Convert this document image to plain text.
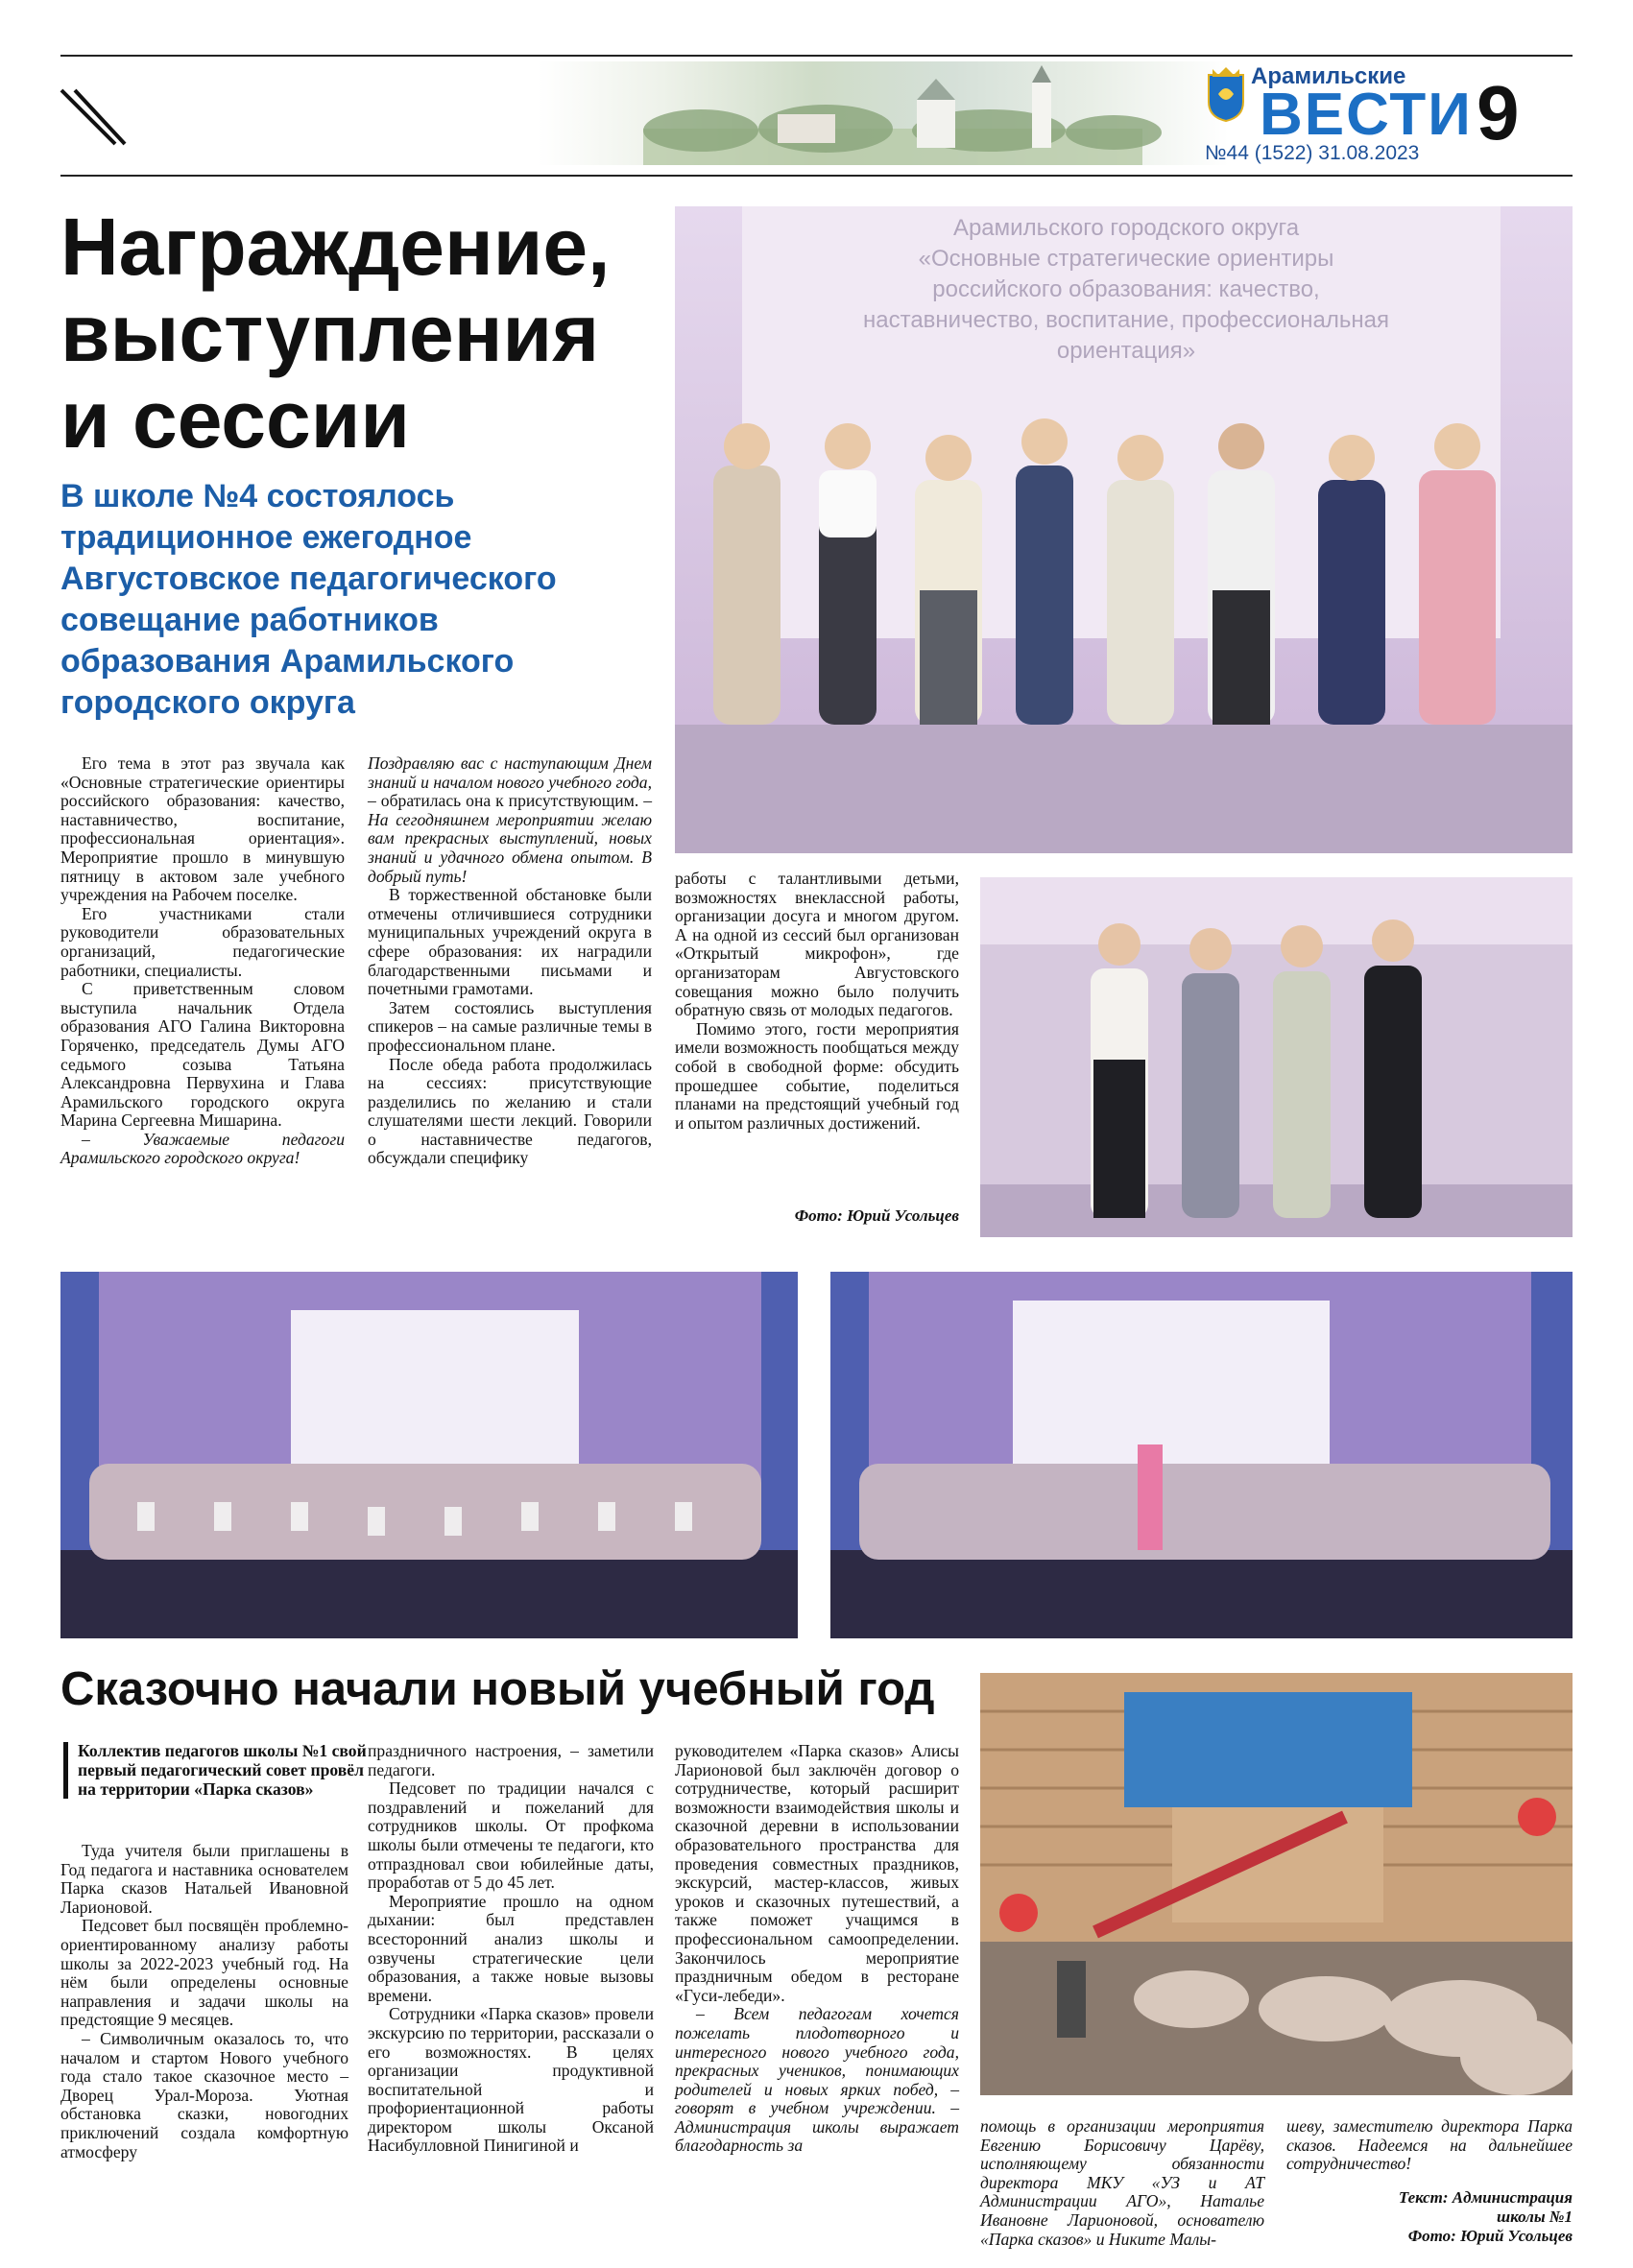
Арамильские
ВЕСТИ
№44 (1522) 31.08.2023 9
Награждение,
выступления
и сессии
В школе №4 состоялось
традиционное ежегодное
Августовское педагогического
совещание работников
образования Арамильского
городского округа
Арамильского городского округа
«Основные стратегические ориентиры
российского образования: качество,
наставничество, воспитание, профессиональная
ориентация»

Его тема в этот раз звучала как «Основные стратегические ориентиры российского образования: качество, наставничество, воспитание, профессиональная ориентация». Мероприятие прошло в минувшую пятницу в актовом зале учебного учреждения на Рабочем поселке.

Его участниками стали руководители образовательных организаций, педагогические работники, специалисты.

С приветственным словом выступила начальник Отдела образования АГО Галина Викторовна Горяченко, председатель Думы АГО седьмого созыва Татьяна Александровна Первухина и Глава Арамильского городского округа Марина Сергеевна Мишарина.

– Уважаемые педагоги Арамильского городского округа!

Поздравляю вас с наступающим Днем знаний и началом нового учебного года, – обратилась она к присутствующим. – На сегодняшнем мероприятии желаю вам прекрасных выступлений, новых знаний и удачного обмена опытом. В добрый путь!

В торжественной обстановке были отмечены отличившиеся сотрудники муниципальных учреждений округа в сфере образования: их наградили благодарственными письмами и почетными грамотами.

Затем состоялись выступления спикеров – на самые различные темы в профессиональном плане.

После обеда работа продолжилась на сессиях: присутствующие разделились по желанию и стали слушателями шести лекций. Говорили о наставничестве педагогов, обсуждали специфику

работы с талантливыми детьми, возможностях внеклассной работы, организации досуга и многом другом. А на одной из сессий был организован «Открытый микрофон», где организаторам Августовского совещания можно было получить обратную связь от молодых педагогов.

Помимо этого, гости мероприятия имели возможность пообщаться между собой в свободной форме: обсудить прошедшее событие, поделиться планами на предстоящий учебный год и опытом различных достижений.

Фото: Юрий Усольцев
Сказочно начали новый учебный год
Коллектив педагогов школы №1 свой первый педагогический совет провёл на территории «Парка сказов»

Туда учителя были приглашены в Год педагога и наставника основателем Парка сказов Натальей Ивановной Ларионовой.

Педсовет был посвящён проблемно-ориентированному анализу работы школы за 2022-2023 учебный год. На нём были определены основные направления и задачи школы на предстоящие 9 месяцев.

– Символичным оказалось то, что началом и стартом Нового учебного года стало такое сказочное место – Дворец Урал-Мороза. Уютная обстановка сказки, новогодних приключений создала комфортную атмосферу

праздничного настроения, – заметили педагоги.

Педсовет по традиции начался с поздравлений и пожеланий для сотрудников школы. От профкома школы были отмечены те педагоги, кто отпраздновал свои юбилейные даты, проработав от 5 до 45 лет.

Мероприятие прошло на одном дыхании: был представлен всесторонний анализ школы и озвучены стратегические цели образования, а также новые вызовы времени.

Сотрудники «Парка сказов» провели экскурсию по территории, рассказали о его возможностях. В целях организации продуктивной воспитательной и профориентационной работы директором школы Оксаной Насибулловной Пинигиной и

руководителем «Парка сказов» Алисы Ларионовой был заключён договор о сотрудничестве, который расширит возможности взаимодействия школы и сказочной деревни в использовании образовательного пространства для проведения совместных праздников, экскурсий, мастер-классов, живых уроков и сказочных путешествий, а также поможет учащимся в профессиональном самоопределении. Закончилось мероприятие праздничным обедом в ресторане «Гуси-лебеди».

– Всем педагогам хочется пожелать плодотворного и интересного нового учебного года, прекрасных учеников, понимающих родителей и новых ярких побед, – говорят в учебном учреждении. – Администрация школы выражает благодарность за

помощь в организации мероприятия Евгению Борисовичу Царёву, исполняющему обязанности директора МКУ «УЗ и АТ Администрации АГО», Наталье Ивановне Ларионовой, основателю «Парка сказов» и Никите Малы-

шеву, заместителю директора Парка сказов. Надеемся на дальнейшее сотрудничество!

Текст: Администрация
школы №1
Фото: Юрий Усольцев
